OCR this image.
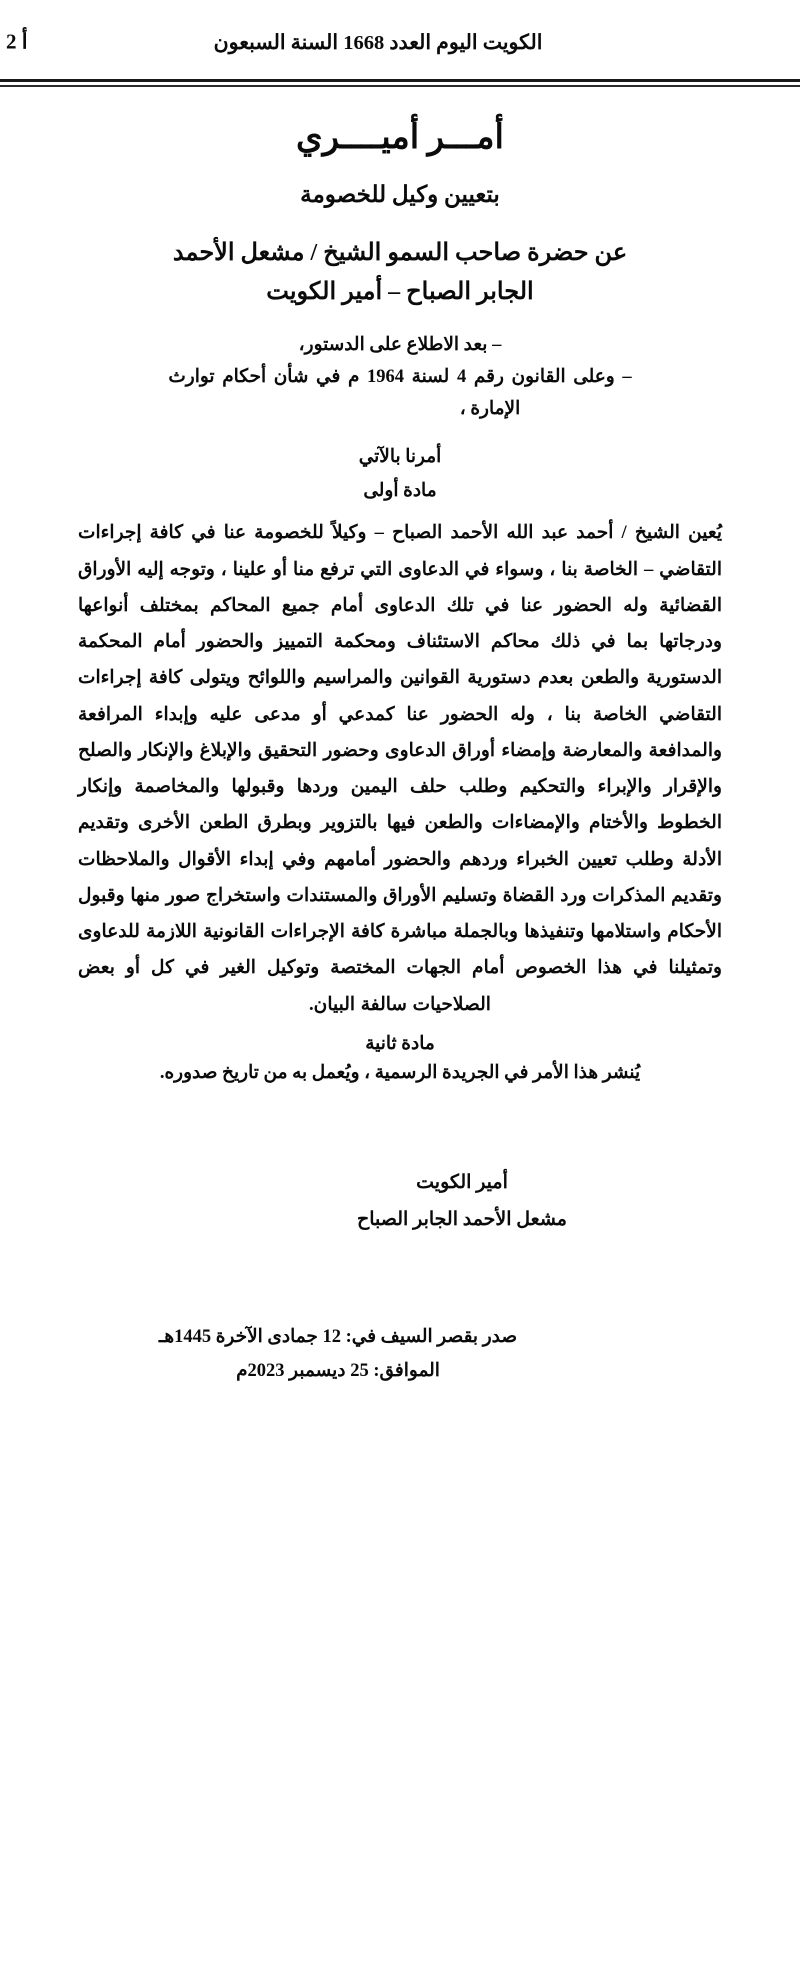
أ 2	الكويت اليوم العدد 1668 السنة السبعون
أمـــر أميــــري
بتعيين وكيل للخصومة
عن حضرة صاحب السمو الشيخ / مشعل الأحمد
الجابر الصباح – أمير الكويت
– بعد الاطلاع على الدستور،
– وعلى القانون رقم 4 لسنة 1964 م في شأن أحكام توارث
الإمارة ،
أمرنا بالآتي
مادة أولى

يُعين الشيخ / أحمد عبد الله الأحمد الصباح – وكيلاً للخصومة عنا في كافة إجراءات التقاضي – الخاصة بنا ، وسواء في الدعاوى التي ترفع منا أو علينا ، وتوجه إليه الأوراق القضائية وله الحضور عنا في تلك الدعاوى أمام جميع المحاكم بمختلف أنواعها ودرجاتها بما في ذلك محاكم الاستئناف ومحكمة التمييز والحضور أمام المحكمة الدستورية والطعن بعدم دستورية القوانين والمراسيم واللوائح ويتولى كافة إجراءات التقاضي الخاصة بنا ، وله الحضور عنا كمدعي أو مدعى عليه وإبداء المرافعة والمدافعة والمعارضة وإمضاء أوراق الدعاوى وحضور التحقيق والإبلاغ والإنكار والصلح والإقرار والإبراء والتحكيم وطلب حلف اليمين وردها وقبولها والمخاصمة وإنكار الخطوط والأختام والإمضاءات والطعن فيها بالتزوير وبطرق الطعن الأخرى وتقديم الأدلة وطلب تعيين الخبراء وردهم والحضور أمامهم وفي إبداء الأقوال والملاحظات وتقديم المذكرات ورد القضاة وتسليم الأوراق والمستندات واستخراج صور منها وقبول الأحكام واستلامها وتنفيذها وبالجملة مباشرة كافة الإجراءات القانونية اللازمة للدعاوى وتمثيلنا في هذا الخصوص أمام الجهات المختصة وتوكيل الغير في كل أو بعض الصلاحيات سالفة البيان.

مادة ثانية

يُنشر هذا الأمر في الجريدة الرسمية ، ويُعمل به من تاريخ صدوره.

أمير الكويت
مشعل الأحمد الجابر الصباح
صدر بقصر السيف في: 12 جمادى الآخرة 1445هـ
الموافق: 25 ديسمبر 2023م
